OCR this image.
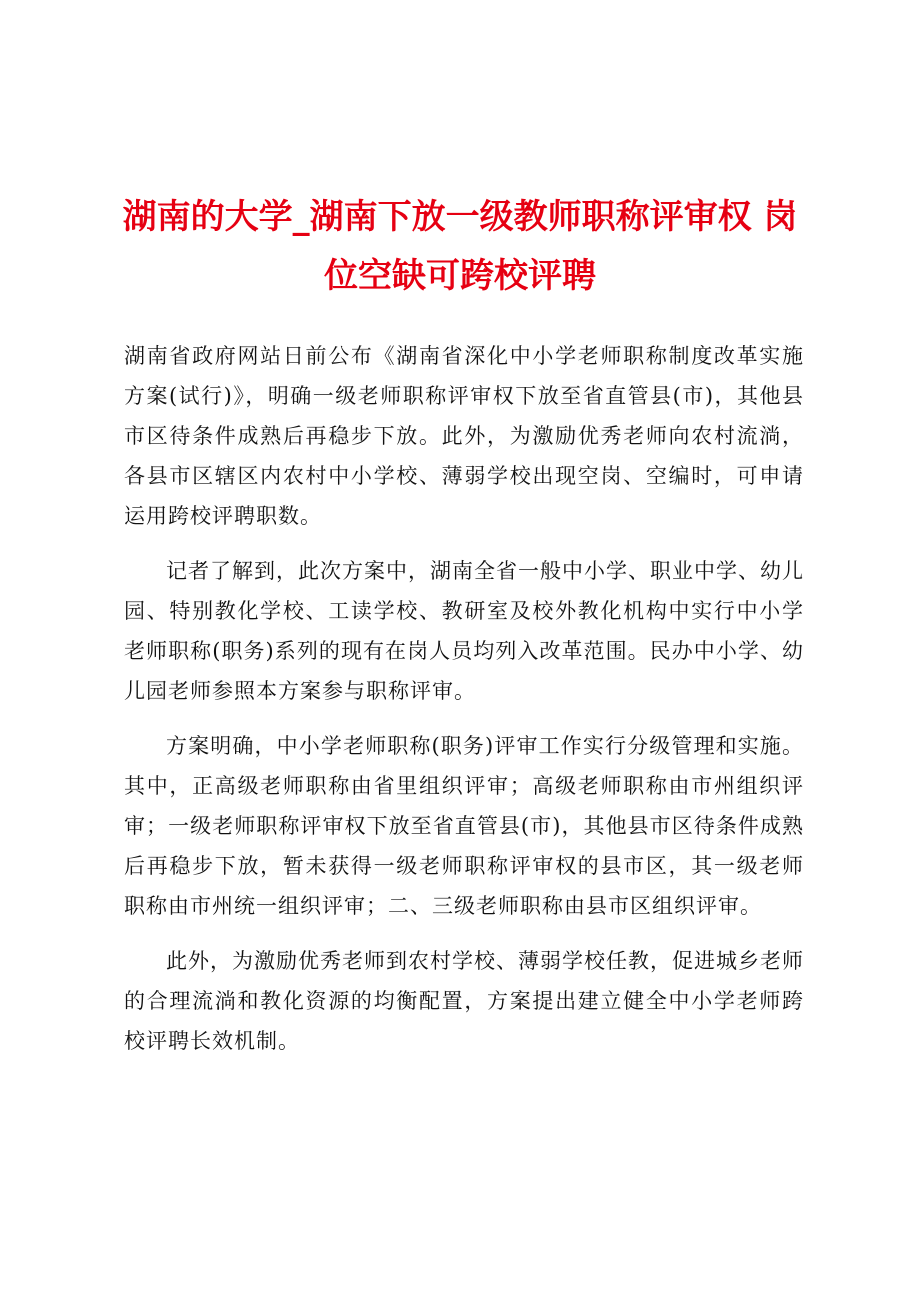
湖南的大学_湖南下放一级教师职称评审权 岗
位空缺可跨校评聘

湖南省政府网站日前公布《湖南省深化中小学老师职称制度改革实施方案(试行)》，明确一级老师职称评审权下放至省直管县(市)，其他县市区待条件成熟后再稳步下放。此外，为激励优秀老师向农村流淌，各县市区辖区内农村中小学校、薄弱学校出现空岗、空编时，可申请运用跨校评聘职数。

记者了解到，此次方案中，湖南全省一般中小学、职业中学、幼儿园、特别教化学校、工读学校、教研室及校外教化机构中实行中小学老师职称(职务)系列的现有在岗人员均列入改革范围。民办中小学、幼儿园老师参照本方案参与职称评审。

方案明确，中小学老师职称(职务)评审工作实行分级管理和实施。其中，正高级老师职称由省里组织评审；高级老师职称由市州组织评审；一级老师职称评审权下放至省直管县(市)，其他县市区待条件成熟后再稳步下放，暂未获得一级老师职称评审权的县市区，其一级老师职称由市州统一组织评审；二、三级老师职称由县市区组织评审。

此外，为激励优秀老师到农村学校、薄弱学校任教，促进城乡老师的合理流淌和教化资源的均衡配置，方案提出建立健全中小学老师跨校评聘长效机制。
